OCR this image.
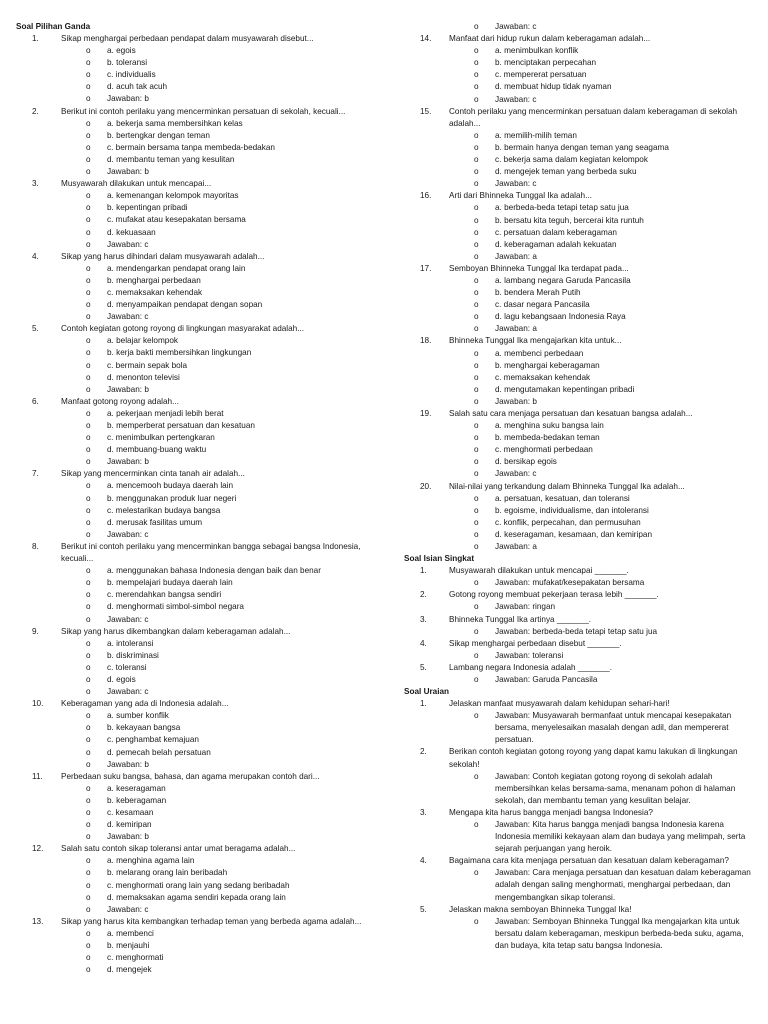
Soal Pilihan Ganda
1.	Sikap menghargai perbedaan pendapat dalam musyawarah disebut...
o	a. egois
o	b. toleransi
o	c. individualis
o	d. acuh tak acuh
o	Jawaban: b
2.	Berikut ini contoh perilaku yang mencerminkan persatuan di sekolah, kecuali...
o	a. bekerja sama membersihkan kelas
o	b. bertengkar dengan teman
o	c. bermain bersama tanpa membeda-bedakan
o	d. membantu teman yang kesulitan
o	Jawaban: b
3.	Musyawarah dilakukan untuk mencapai...
o	a. kemenangan kelompok mayoritas
o	b. kepentingan pribadi
o	c. mufakat atau kesepakatan bersama
o	d. kekuasaan
o	Jawaban: c
4.	Sikap yang harus dihindari dalam musyawarah adalah...
o	a. mendengarkan pendapat orang lain
o	b. menghargai perbedaan
o	c. memaksakan kehendak
o	d. menyampaikan pendapat dengan sopan
o	Jawaban: c
5.	Contoh kegiatan gotong royong di lingkungan masyarakat adalah...
o	a. belajar kelompok
o	b. kerja bakti membersihkan lingkungan
o	c. bermain sepak bola
o	d. menonton televisi
o	Jawaban: b
6.	Manfaat gotong royong adalah...
o	a. pekerjaan menjadi lebih berat
o	b. memperberat persatuan dan kesatuan
o	c. menimbulkan pertengkaran
o	d. membuang-buang waktu
o	Jawaban: b
7.	Sikap yang mencerminkan cinta tanah air adalah...
o	a. mencemooh budaya daerah lain
o	b. menggunakan produk luar negeri
o	c. melestarikan budaya bangsa
o	d. merusak fasilitas umum
o	Jawaban: c
8.	Berikut ini contoh perilaku yang mencerminkan bangga sebagai bangsa Indonesia, kecuali...
o	a. menggunakan bahasa Indonesia dengan baik dan benar
o	b. mempelajari budaya daerah lain
o	c. merendahkan bangsa sendiri
o	d. menghormati simbol-simbol negara
o	Jawaban: c
9.	Sikap yang harus dikembangkan dalam keberagaman adalah...
o	a. intoleransi
o	b. diskriminasi
o	c. toleransi
o	d. egois
o	Jawaban: c
10.	Keberagaman yang ada di Indonesia adalah...
o	a. sumber konflik
o	b. kekayaan bangsa
o	c. penghambat kemajuan
o	d. pemecah belah persatuan
o	Jawaban: b
11.	Perbedaan suku bangsa, bahasa, dan agama merupakan contoh dari...
o	a. keseragaman
o	b. keberagaman
o	c. kesamaan
o	d. kemiripan
o	Jawaban: b
12.	Salah satu contoh sikap toleransi antar umat beragama adalah...
o	a. menghina agama lain
o	b. melarang orang lain beribadah
o	c. menghormati orang lain yang sedang beribadah
o	d. memaksakan agama sendiri kepada orang lain
o	Jawaban: c
13.	Sikap yang harus kita kembangkan terhadap teman yang berbeda agama adalah...
o	a. membenci
o	b. menjauhi
o	c. menghormati
o	d. mengejek
o	Jawaban: c
14.	Manfaat dari hidup rukun dalam keberagaman adalah...
o	a. menimbulkan konflik
o	b. menciptakan perpecahan
o	c. mempererat persatuan
o	d. membuat hidup tidak nyaman
o	Jawaban: c
15.	Contoh perilaku yang mencerminkan persatuan dalam keberagaman di sekolah adalah...
o	a. memilih-milih teman
o	b. bermain hanya dengan teman yang seagama
o	c. bekerja sama dalam kegiatan kelompok
o	d. mengejek teman yang berbeda suku
o	Jawaban: c
16.	Arti dari Bhinneka Tunggal Ika adalah...
o	a. berbeda-beda tetapi tetap satu jua
o	b. bersatu kita teguh, bercerai kita runtuh
o	c. persatuan dalam keberagaman
o	d. keberagaman adalah kekuatan
o	Jawaban: a
17.	Semboyan Bhinneka Tunggal Ika terdapat pada...
o	a. lambang negara Garuda Pancasila
o	b. bendera Merah Putih
o	c. dasar negara Pancasila
o	d. lagu kebangsaan Indonesia Raya
o	Jawaban: a
18.	Bhinneka Tunggal Ika mengajarkan kita untuk...
o	a. membenci perbedaan
o	b. menghargai keberagaman
o	c. memaksakan kehendak
o	d. mengutamakan kepentingan pribadi
o	Jawaban: b
19.	Salah satu cara menjaga persatuan dan kesatuan bangsa adalah...
o	a. menghina suku bangsa lain
o	b. membeda-bedakan teman
o	c. menghormati perbedaan
o	d. bersikap egois
o	Jawaban: c
20.	Nilai-nilai yang terkandung dalam Bhinneka Tunggal Ika adalah...
o	a. persatuan, kesatuan, dan toleransi
o	b. egoisme, individualisme, dan intoleransi
o	c. konflik, perpecahan, dan permusuhan
o	d. keseragaman, kesamaan, dan kemiripan
o	Jawaban: a
Soal Isian Singkat
1.	Musyawarah dilakukan untuk mencapai _______.
o	Jawaban: mufakat/kesepakatan bersama
2.	Gotong royong membuat pekerjaan terasa lebih _______.
o	Jawaban: ringan
3.	Bhinneka Tunggal Ika artinya _______.
o	Jawaban: berbeda-beda tetapi tetap satu jua
4.	Sikap menghargai perbedaan disebut _______.
o	Jawaban: toleransi
5.	Lambang negara Indonesia adalah _______.
o	Jawaban: Garuda Pancasila
Soal Uraian
1.	Jelaskan manfaat musyawarah dalam kehidupan sehari-hari!
o	Jawaban: Musyawarah bermanfaat untuk mencapai kesepakatan bersama, menyelesaikan masalah dengan adil, dan mempererat persatuan.
2.	Berikan contoh kegiatan gotong royong yang dapat kamu lakukan di lingkungan sekolah!
o	Jawaban: Contoh kegiatan gotong royong di sekolah adalah membersihkan kelas bersama-sama, menanam pohon di halaman sekolah, dan membantu teman yang kesulitan belajar.
3.	Mengapa kita harus bangga menjadi bangsa Indonesia?
o	Jawaban: Kita harus bangga menjadi bangsa Indonesia karena Indonesia memiliki kekayaan alam dan budaya yang melimpah, serta sejarah perjuangan yang heroik.
4.	Bagaimana cara kita menjaga persatuan dan kesatuan dalam keberagaman?
o	Jawaban: Cara menjaga persatuan dan kesatuan dalam keberagaman adalah dengan saling menghormati, menghargai perbedaan, dan mengembangkan sikap toleransi.
5.	Jelaskan makna semboyan Bhinneka Tunggal Ika!
o	Jawaban: Semboyan Bhinneka Tunggal Ika mengajarkan kita untuk bersatu dalam keberagaman, meskipun berbeda-beda suku, agama, dan budaya, kita tetap satu bangsa Indonesia.
